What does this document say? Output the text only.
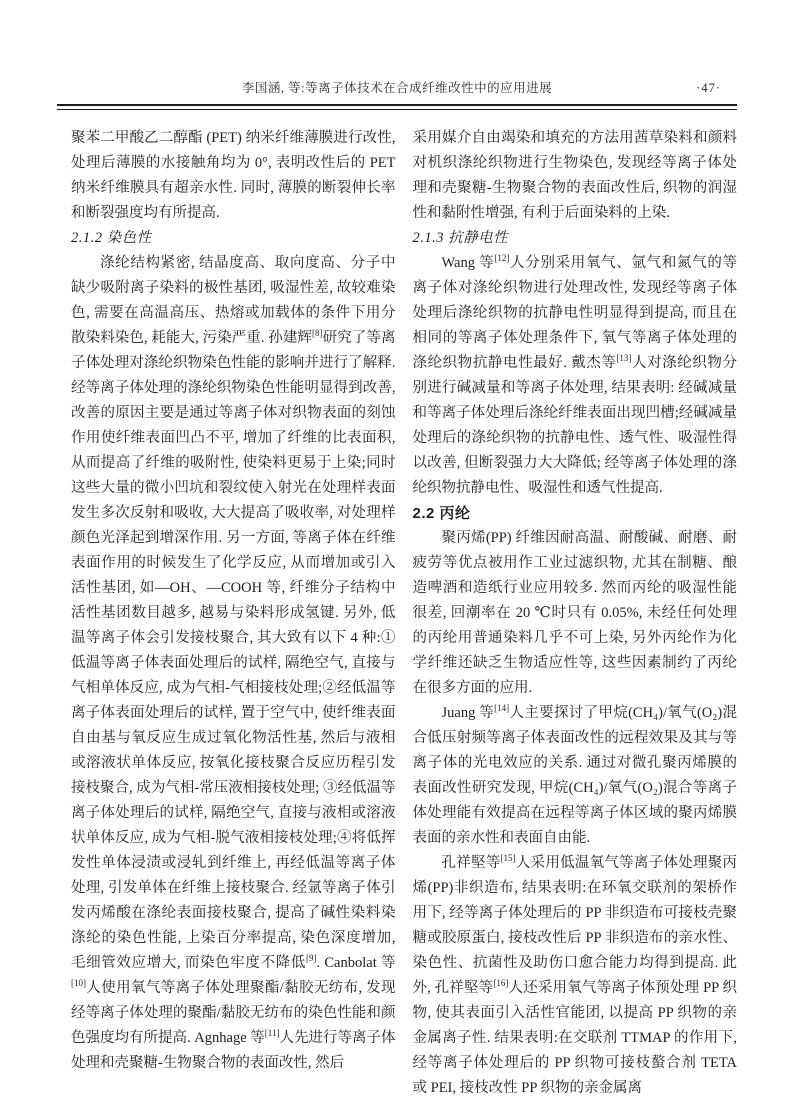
李国涵, 等:等离子体技术在合成纤维改性中的应用进展	·47·

聚苯二甲酸乙二醇酯 (PET) 纳米纤维薄膜进行改性, 处理后薄膜的水接触角均为 0°, 表明改性后的 PET 纳米纤维膜具有超亲水性. 同时, 薄膜的断裂伸长率和断裂强度均有所提高.

2.1.2 染色性

涤纶结构紧密, 结晶度高、取向度高、分子中缺少吸附离子染料的极性基团, 吸湿性差, 故较难染色, 需要在高温高压、热熔或加载体的条件下用分散染料染色, 耗能大, 污染严重. 孙建辉[8]研究了等离子体处理对涤纶织物染色性能的影响并进行了解释. 经等离子体处理的涤纶织物染色性能明显得到改善, 改善的原因主要是通过等离子体对织物表面的刻蚀作用使纤维表面凹凸不平, 增加了纤维的比表面积, 从而提高了纤维的吸附性, 使染料更易于上染;同时这些大量的微小凹坑和裂纹使入射光在处理样表面发生多次反射和吸收, 大大提高了吸收率, 对处理样颜色光泽起到增深作用. 另一方面, 等离子体在纤维表面作用的时候发生了化学反应, 从而增加或引入活性基团, 如—OH、—COOH 等, 纤维分子结构中活性基团数目越多, 越易与染料形成氢键. 另外, 低温等离子体会引发接枝聚合, 其大致有以下 4 种:①低温等离子体表面处理后的试样, 隔绝空气, 直接与气相单体反应, 成为气相-气相接枝处理;②经低温等离子体表面处理后的试样, 置于空气中, 使纤维表面自由基与氧反应生成过氧化物活性基, 然后与液相或溶液状单体反应, 按氧化接枝聚合反应历程引发接枝聚合, 成为气相-常压液相接枝处理; ③经低温等离子体处理后的试样, 隔绝空气, 直接与液相或溶液状单体反应, 成为气相-脱气液相接枝处理;④将低挥发性单体浸渍或浸轧到纤维上, 再经低温等离子体处理, 引发单体在纤维上接枝聚合. 经氩等离子体引发丙烯酸在涤纶表面接枝聚合, 提高了碱性染料染涤纶的染色性能, 上染百分率提高, 染色深度增加, 毛细管效应增大, 而染色牢度不降低[9]. Canbolat 等[10]人使用氧气等离子体处理聚酯/黏胶无纺布, 发现经等离子体处理的聚酯/黏胶无纺布的染色性能和颜色强度均有所提高. Agnhage 等[11]人先进行等离子体处理和壳聚糖-生物聚合物的表面改性, 然后

采用媒介自由竭染和填充的方法用茜草染料和颜料对机织涤纶织物进行生物染色, 发现经等离子体处理和壳聚糖-生物聚合物的表面改性后, 织物的润湿性和黏附性增强, 有利于后面染料的上染.

2.1.3 抗静电性

Wang 等[12]人分别采用氧气、氩气和氮气的等离子体对涤纶织物进行处理改性, 发现经等离子体处理后涤纶织物的抗静电性明显得到提高, 而且在相同的等离子体处理条件下, 氧气等离子体处理的涤纶织物抗静电性最好. 戴杰等[13]人对涤纶织物分别进行碱减量和等离子体处理, 结果表明: 经碱减量和等离子体处理后涤纶纤维表面出现凹槽;经碱减量处理后的涤纶织物的抗静电性、透气性、吸湿性得以改善, 但断裂强力大大降低; 经等离子体处理的涤纶织物抗静电性、吸湿性和透气性提高.

2.2 丙纶

聚丙烯(PP) 纤维因耐高温、耐酸碱、耐磨、耐疲劳等优点被用作工业过滤织物, 尤其在制糖、酿造啤酒和造纸行业应用较多. 然而丙纶的吸湿性能很差, 回潮率在 20 ℃时只有 0.05%, 未经任何处理的丙纶用普通染料几乎不可上染, 另外丙纶作为化学纤维还缺乏生物适应性等, 这些因素制约了丙纶在很多方面的应用.

Juang 等[14]人主要探讨了甲烷(CH₄)/氧气(O₂)混合低压射频等离子体表面改性的远程效果及其与等离子体的光电效应的关系. 通过对微孔聚丙烯膜的表面改性研究发现, 甲烷(CH₄)/氧气(O₂)混合等离子体处理能有效提高在远程等离子体区域的聚丙烯膜表面的亲水性和表面自由能.

孔祥堅等[15]人采用低温氧气等离子体处理聚丙烯(PP)非织造布, 结果表明:在环氧交联剂的架桥作用下, 经等离子体处理后的 PP 非织造布可接枝壳聚糖或胶原蛋白, 接枝改性后 PP 非织造布的亲水性、染色性、抗菌性及助伤口愈合能力均得到提高. 此外, 孔祥堅等[16]人还采用氧气等离子体预处理 PP 织物, 使其表面引入活性官能团, 以提高 PP 织物的亲金属离子性. 结果表明:在交联剂 TTMAP 的作用下, 经等离子体处理后的 PP 织物可接枝螯合剂 TETA 或 PEI, 接枝改性 PP 织物的亲金属离
